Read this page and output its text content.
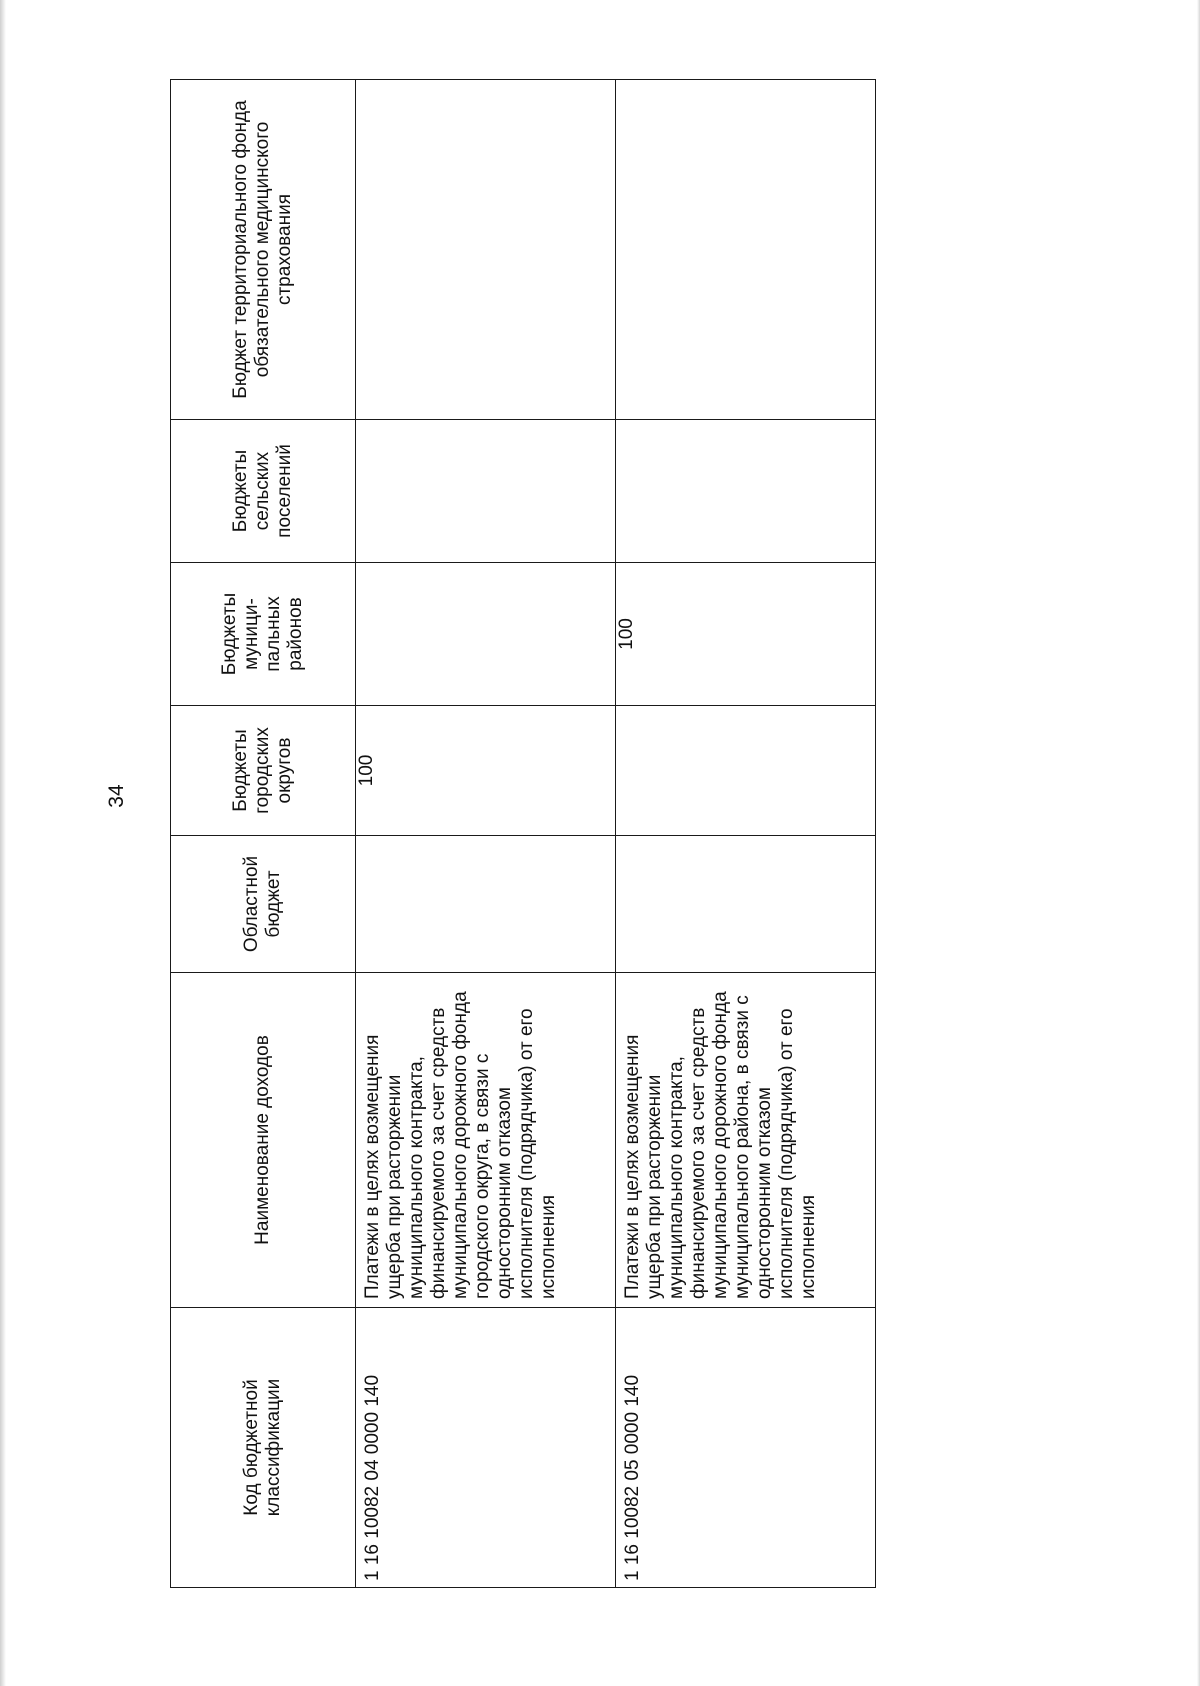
34
Код бюджетной классификации	Наименование доходов	Областной бюджет	Бюджеты городских округов	Бюджеты муници-пальных районов	Бюджеты сельских поселений	Бюджет территориального фонда обязательного медицинского страхования
1 16 10082 04 0000 140	Платежи в целях возмещения ущерба при расторжении муниципального контракта, финансируемого за счет средств муниципального дорожного фонда городского округа, в связи с односторонним отказом исполнителя (подрядчика) от его исполнения		100			
1 16 10082 05 0000 140	Платежи в целях возмещения ущерба при расторжении муниципального контракта, финансируемого за счет средств муниципального дорожного фонда муниципального района, в связи с односторонним отказом исполнителя (подрядчика) от его исполнения			100		
